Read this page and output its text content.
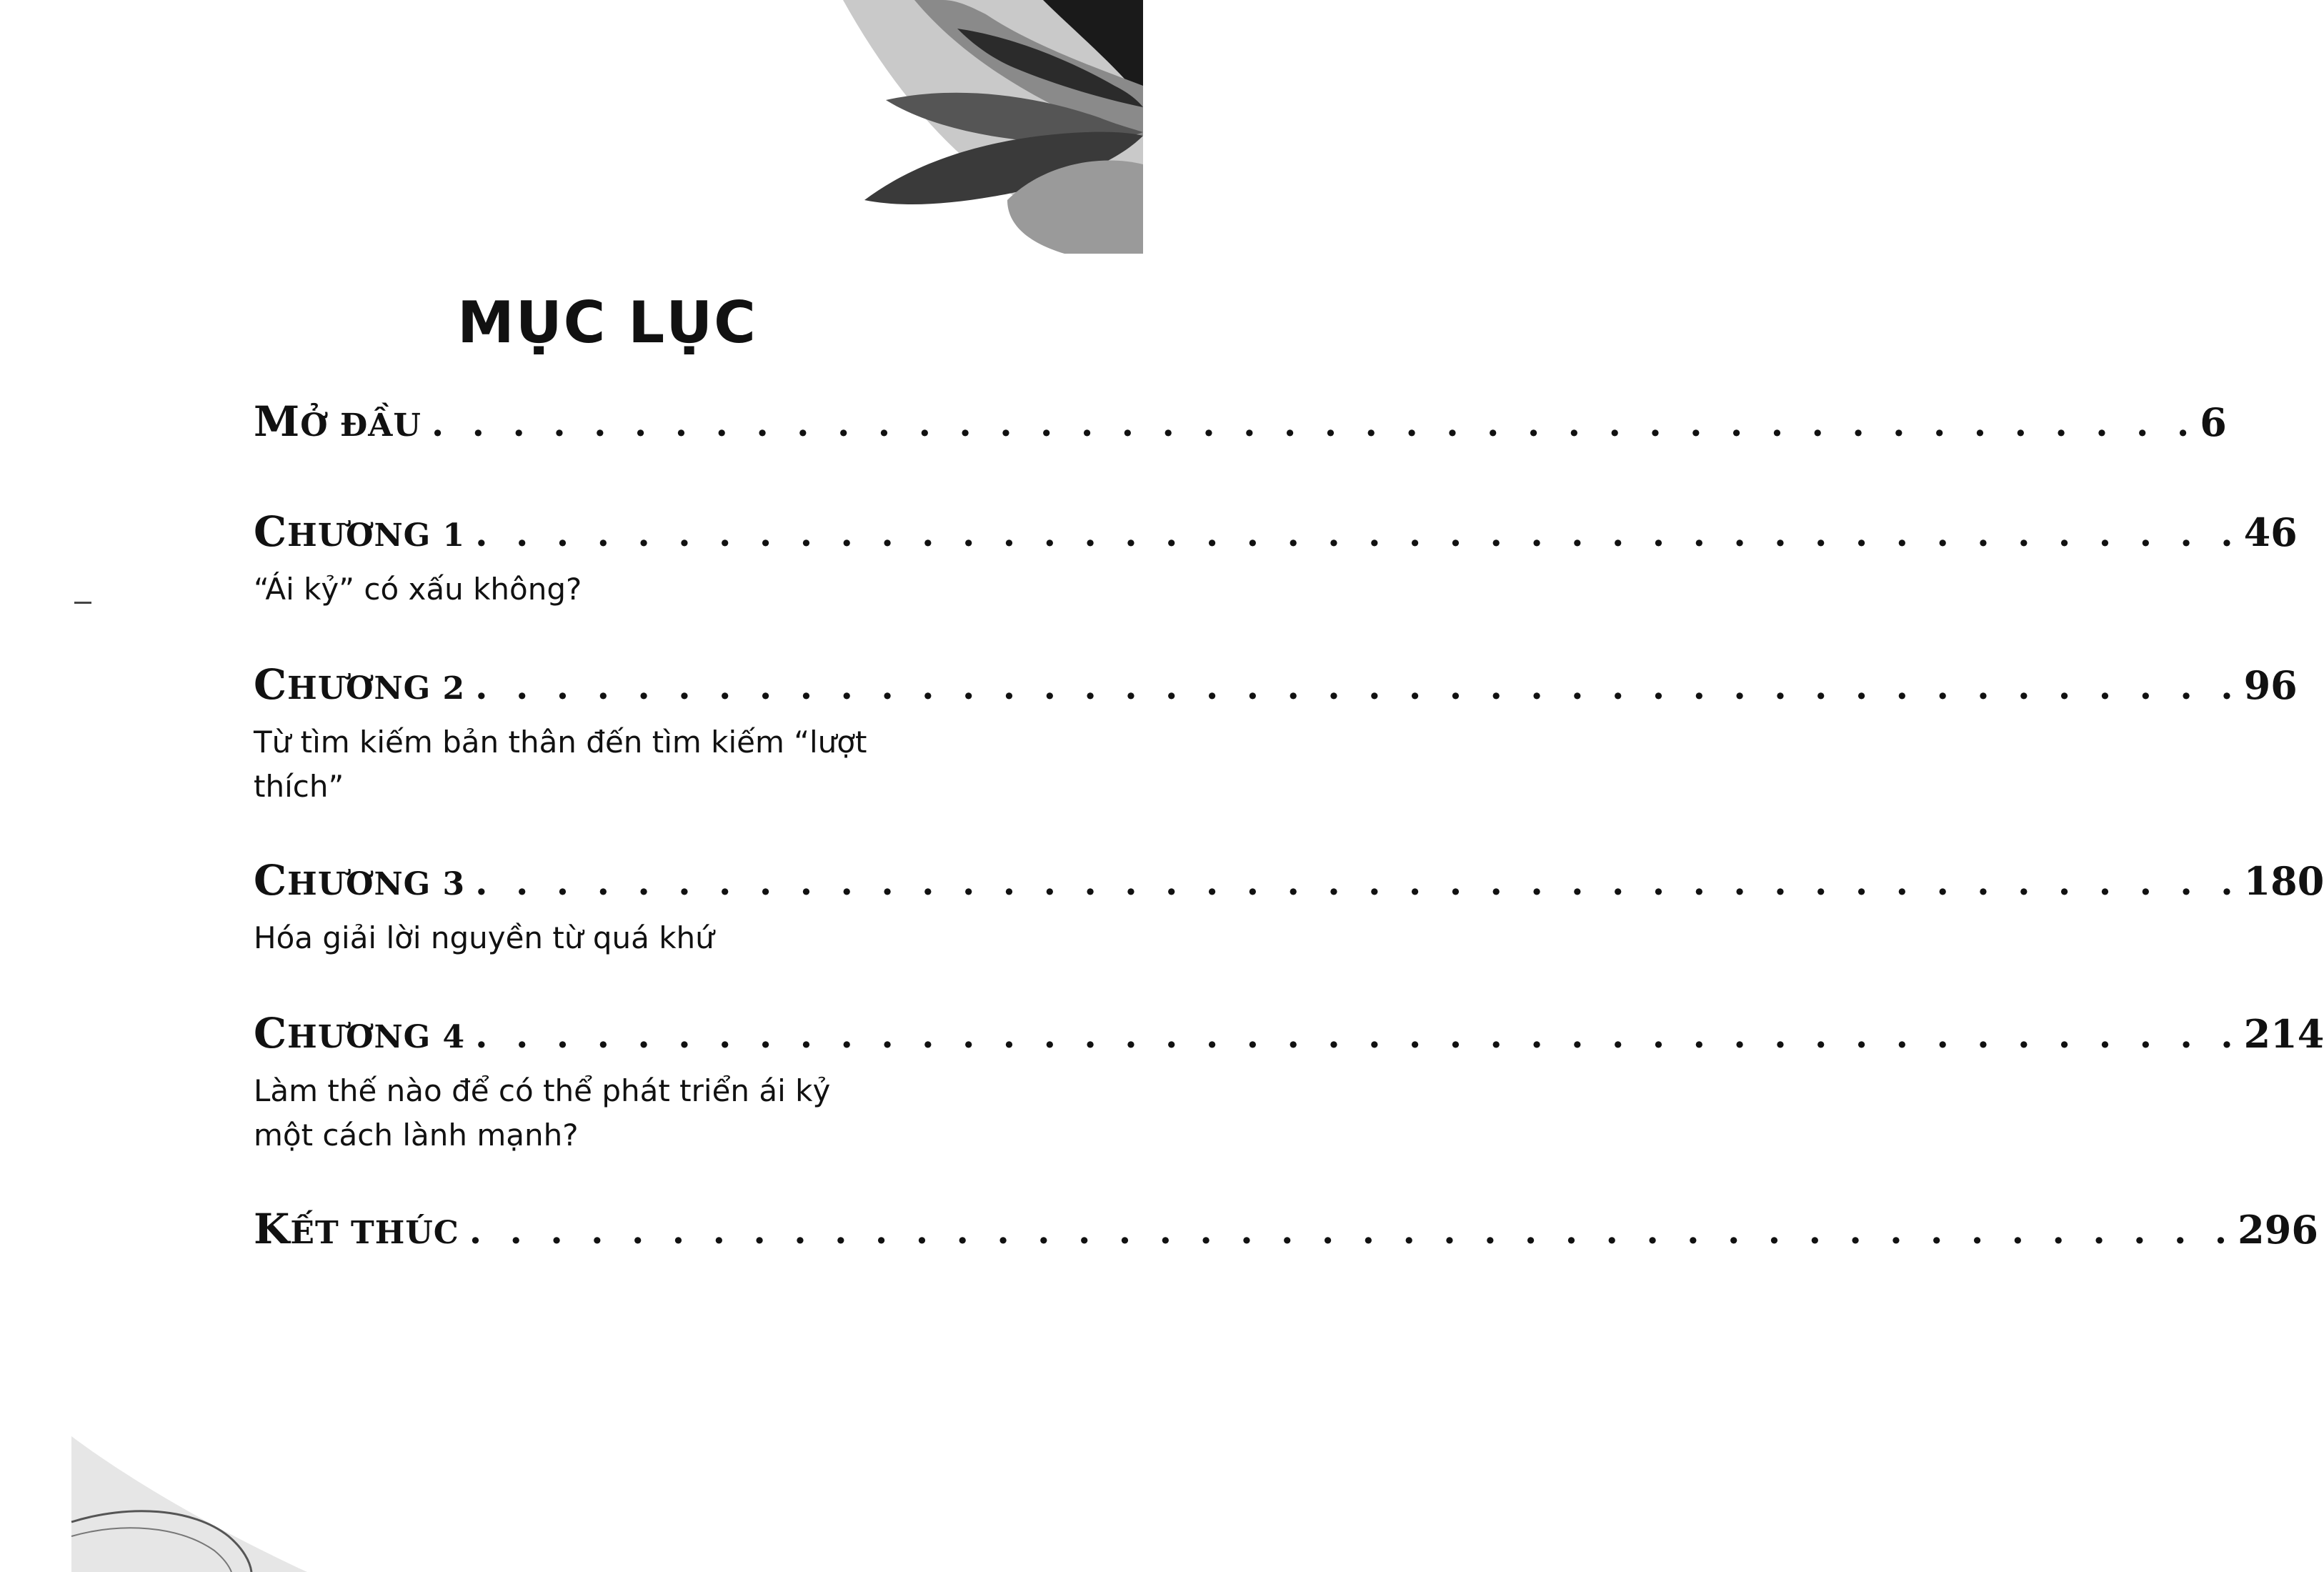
MỤC LỤC
MỞ ĐẦU . . . . . . . . . . . . . . . . . . . . . . . . . . . . . . . . . . . . . . . . . . . . 6
CHƯƠNG 1 . . . . . . . . . . . . . . . . . . . . . . . . . . . . . . . . . . . . . . . . . . . . 46
“Ái kỷ” có xấu không?
CHƯƠNG 2 . . . . . . . . . . . . . . . . . . . . . . . . . . . . . . . . . . . . . . . . . . . . 96
Từ tìm kiếm bản thân đến tìm kiếm “lượt thích”
CHƯƠNG 3 . . . . . . . . . . . . . . . . . . . . . . . . . . . . . . . . . . . . . . . . . . . . 180
Hóa giải lời nguyền từ quá khứ
CHƯƠNG 4 . . . . . . . . . . . . . . . . . . . . . . . . . . . . . . . . . . . . . . . . . . . . 214
Làm thế nào để có thể phát triển ái kỷ một cách lành mạnh?
KẾT THÚC . . . . . . . . . . . . . . . . . . . . . . . . . . . . . . . . . . . . . . . . . . . . 296
